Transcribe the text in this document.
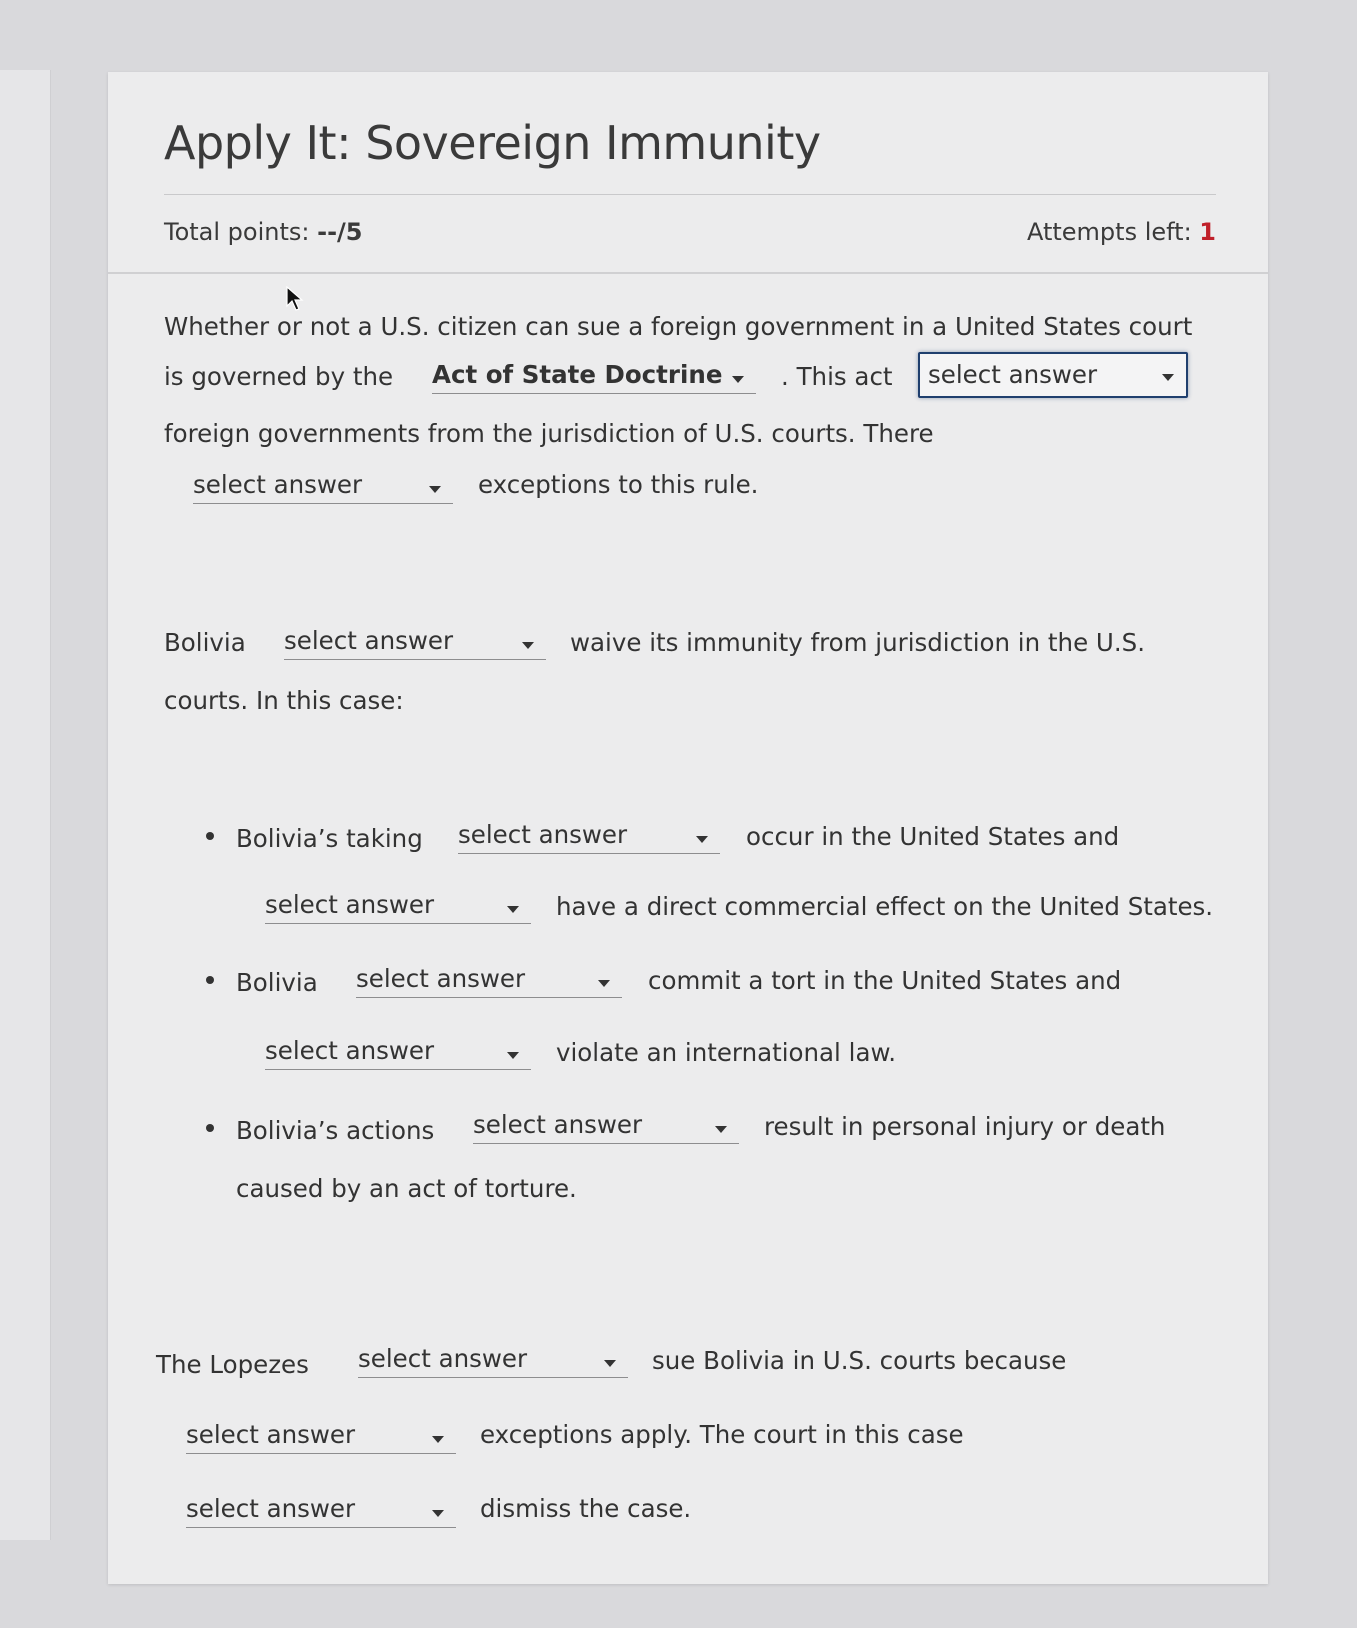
Apply It: Sovereign Immunity
Total points: --/5	Attempts left: 1
Whether or not a U.S. citizen can sue a foreign government in a United States court
is governed by the Act of State Doctrine . This act select answer
foreign governments from the jurisdiction of U.S. courts. There
select answer	exceptions to this rule.
Bolivia select answer	waive its immunity from jurisdiction in the U.S.
courts. In this case:
Bolivia’s taking select answer	occur in the United States and
select answer	have a direct commercial effect on the United States.
Bolivia select answer	commit a tort in the United States and
select answer	violate an international law.
Bolivia’s actions select answer	result in personal injury or death
caused by an act of torture.
The Lopezes select answer	sue Bolivia in U.S. courts because
select answer	exceptions apply. The court in this case
select answer	dismiss the case.
